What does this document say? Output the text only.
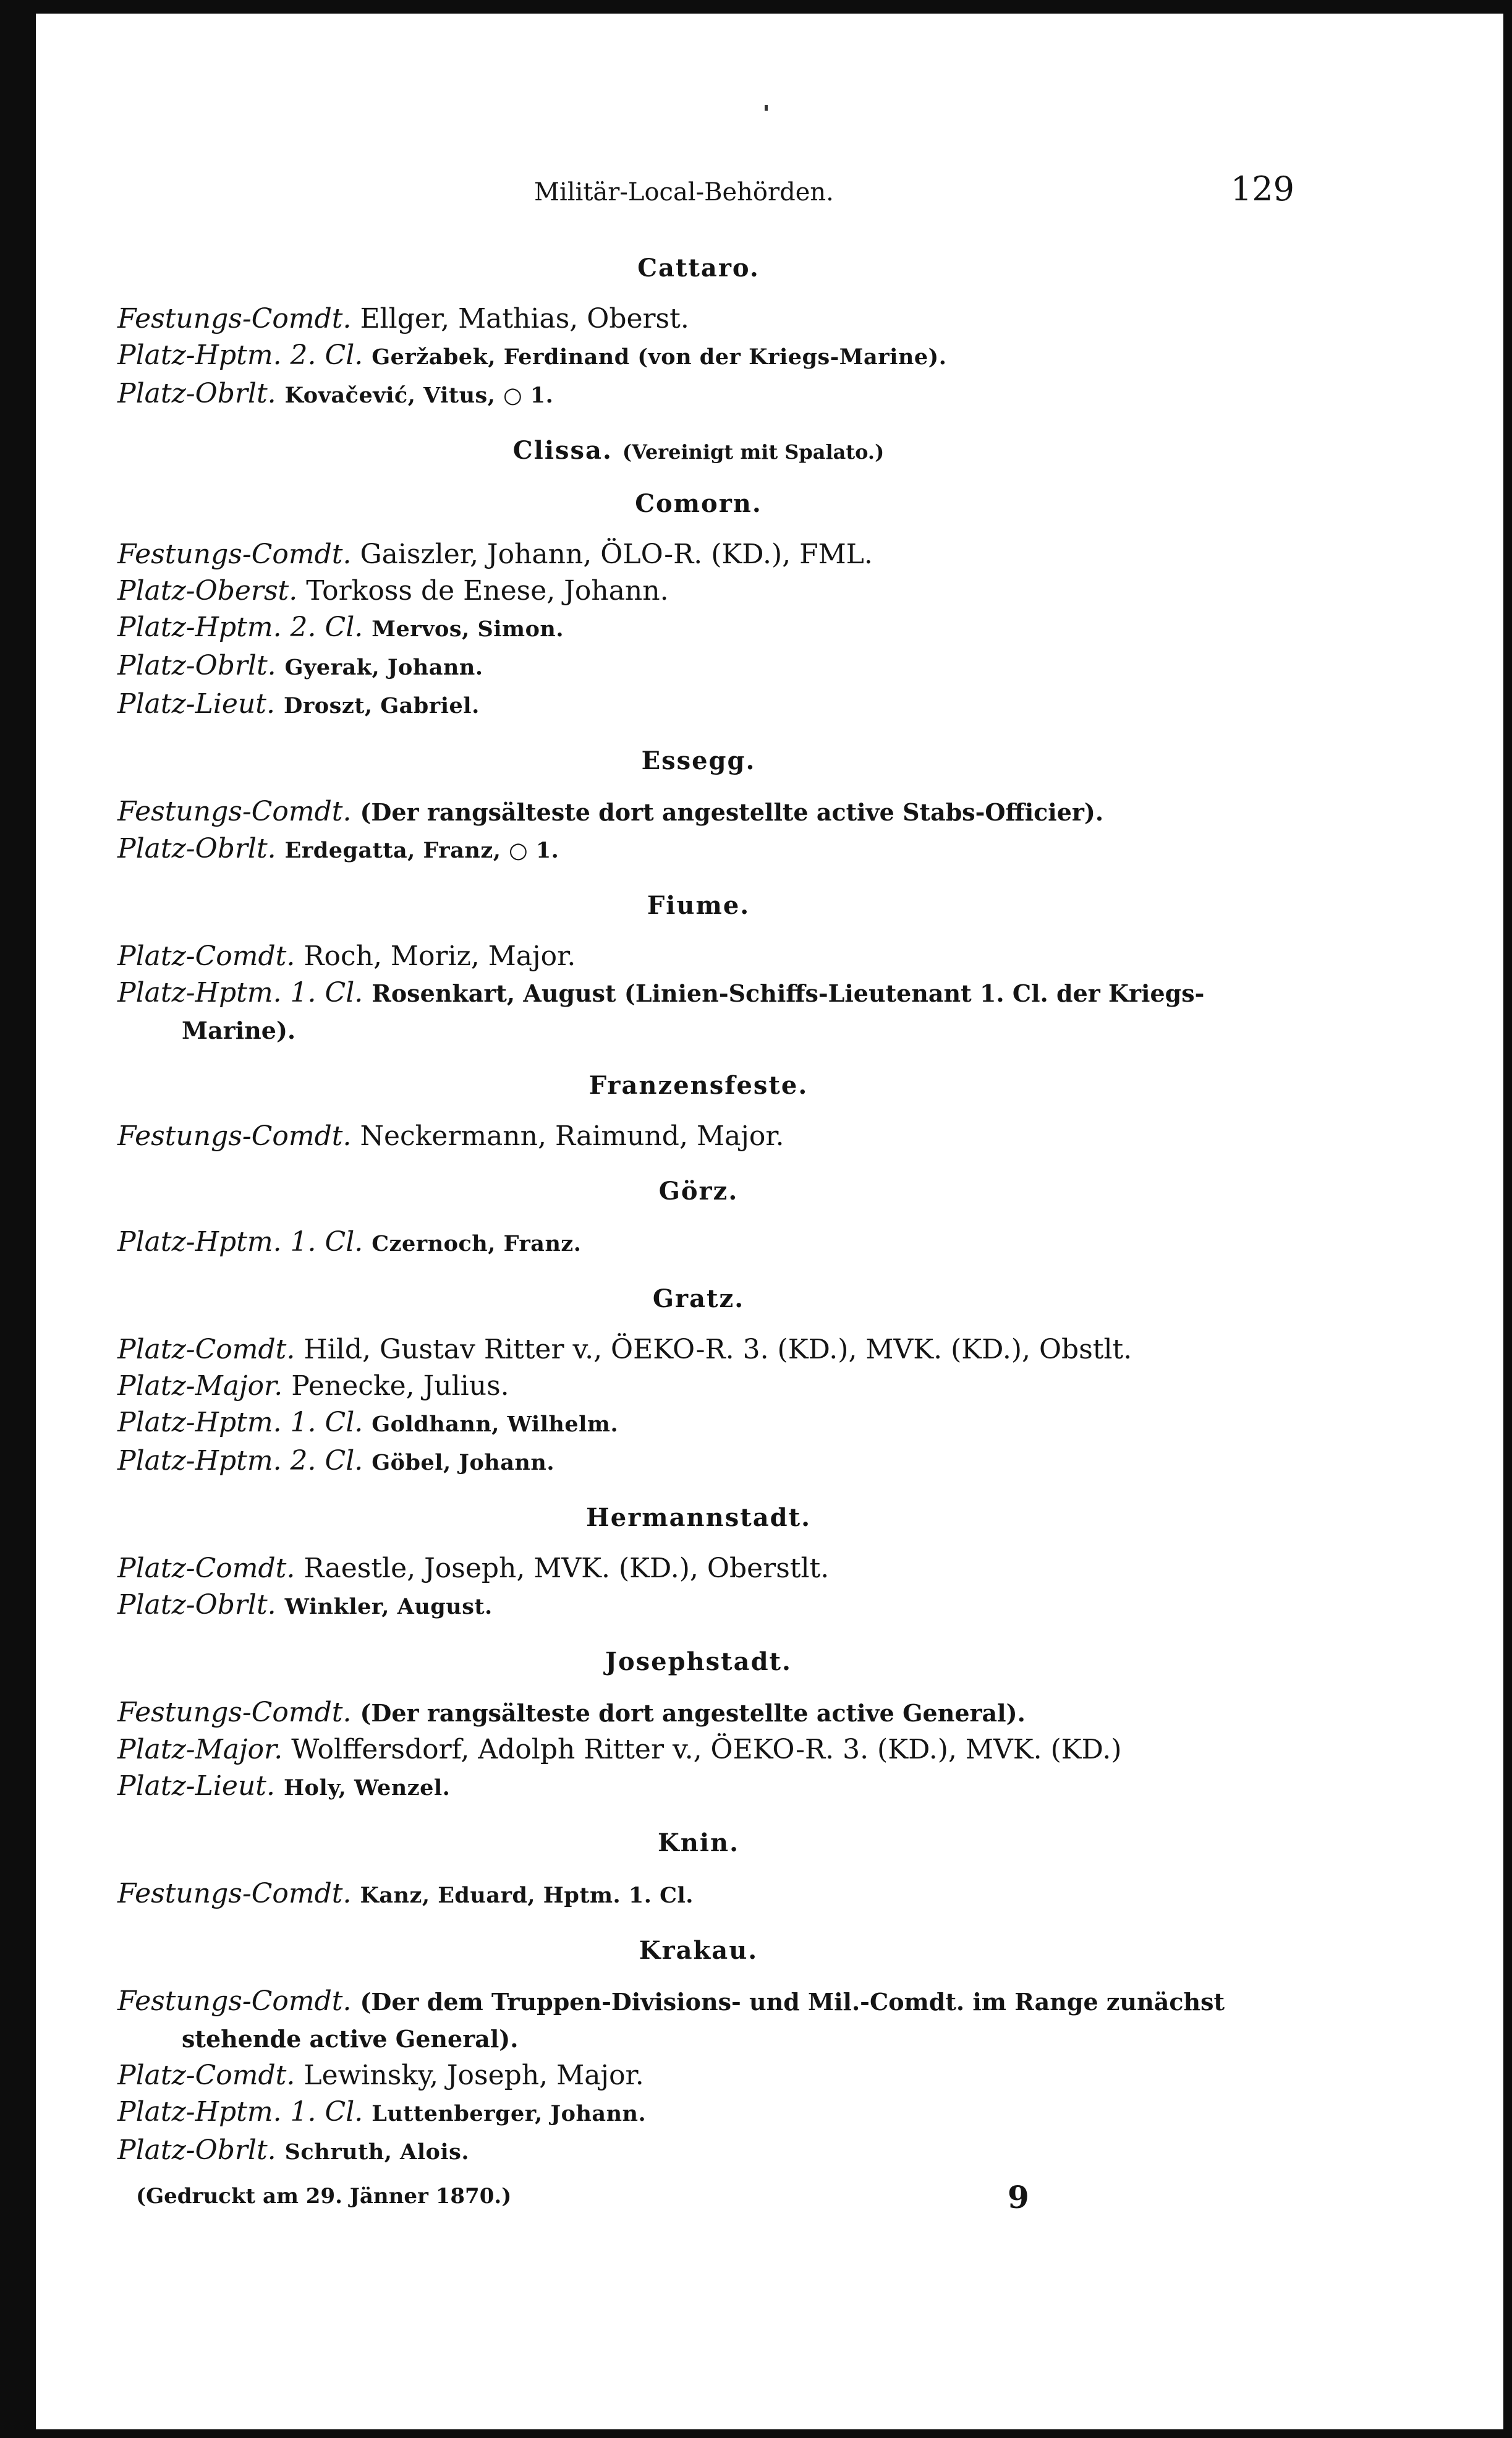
Militär-Local-Behörden.	129
Cattaro.
Festungs-Comdt. Ellger, Mathias, Oberst.
Platz-Hptm. 2. Cl. Geržabek, Ferdinand (von der Kriegs-Marine).
Platz-Obrlt. Kovačević, Vitus, ○ 1.
Clissa. (Vereinigt mit Spalato.)
Comorn.
Festungs-Comdt. Gaiszler, Johann, ÖLO-R. (KD.), FML.
Platz-Oberst. Torkoss de Enese, Johann.
Platz-Hptm. 2. Cl. Mervos, Simon.
Platz-Obrlt. Gyerak, Johann.
Platz-Lieut. Droszt, Gabriel.
Essegg.
Festungs-Comdt. (Der rangsälteste dort angestellte active Stabs-Officier).
Platz-Obrlt. Erdegatta, Franz, ○ 1.
Fiume.
Platz-Comdt. Roch, Moriz, Major.
Platz-Hptm. 1. Cl. Rosenkart, August (Linien-Schiffs-Lieutenant 1. Cl. der Kriegs-Marine).
Franzensfeste.
Festungs-Comdt. Neckermann, Raimund, Major.
Görz.
Platz-Hptm. 1. Cl. Czernoch, Franz.
Gratz.
Platz-Comdt. Hild, Gustav Ritter v., ÖEKO-R. 3. (KD.), MVK. (KD.), Obstlt.
Platz-Major. Penecke, Julius.
Platz-Hptm. 1. Cl. Goldhann, Wilhelm.
Platz-Hptm. 2. Cl. Göbel, Johann.
Hermannstadt.
Platz-Comdt. Raestle, Joseph, MVK. (KD.), Oberstlt.
Platz-Obrlt. Winkler, August.
Josephstadt.
Festungs-Comdt. (Der rangsälteste dort angestellte active General).
Platz-Major. Wolffersdorf, Adolph Ritter v., ÖEKO-R. 3. (KD.), MVK. (KD.)
Platz-Lieut. Holy, Wenzel.
Knin.
Festungs-Comdt. Kanz, Eduard, Hptm. 1. Cl.
Krakau.
Festungs-Comdt. (Der dem Truppen-Divisions- und Mil.-Comdt. im Range zunächst stehende active General).
Platz-Comdt. Lewinsky, Joseph, Major.
Platz-Hptm. 1. Cl. Luttenberger, Johann.
Platz-Obrlt. Schruth, Alois.
(Gedruckt am 29. Jänner 1870.)	9
